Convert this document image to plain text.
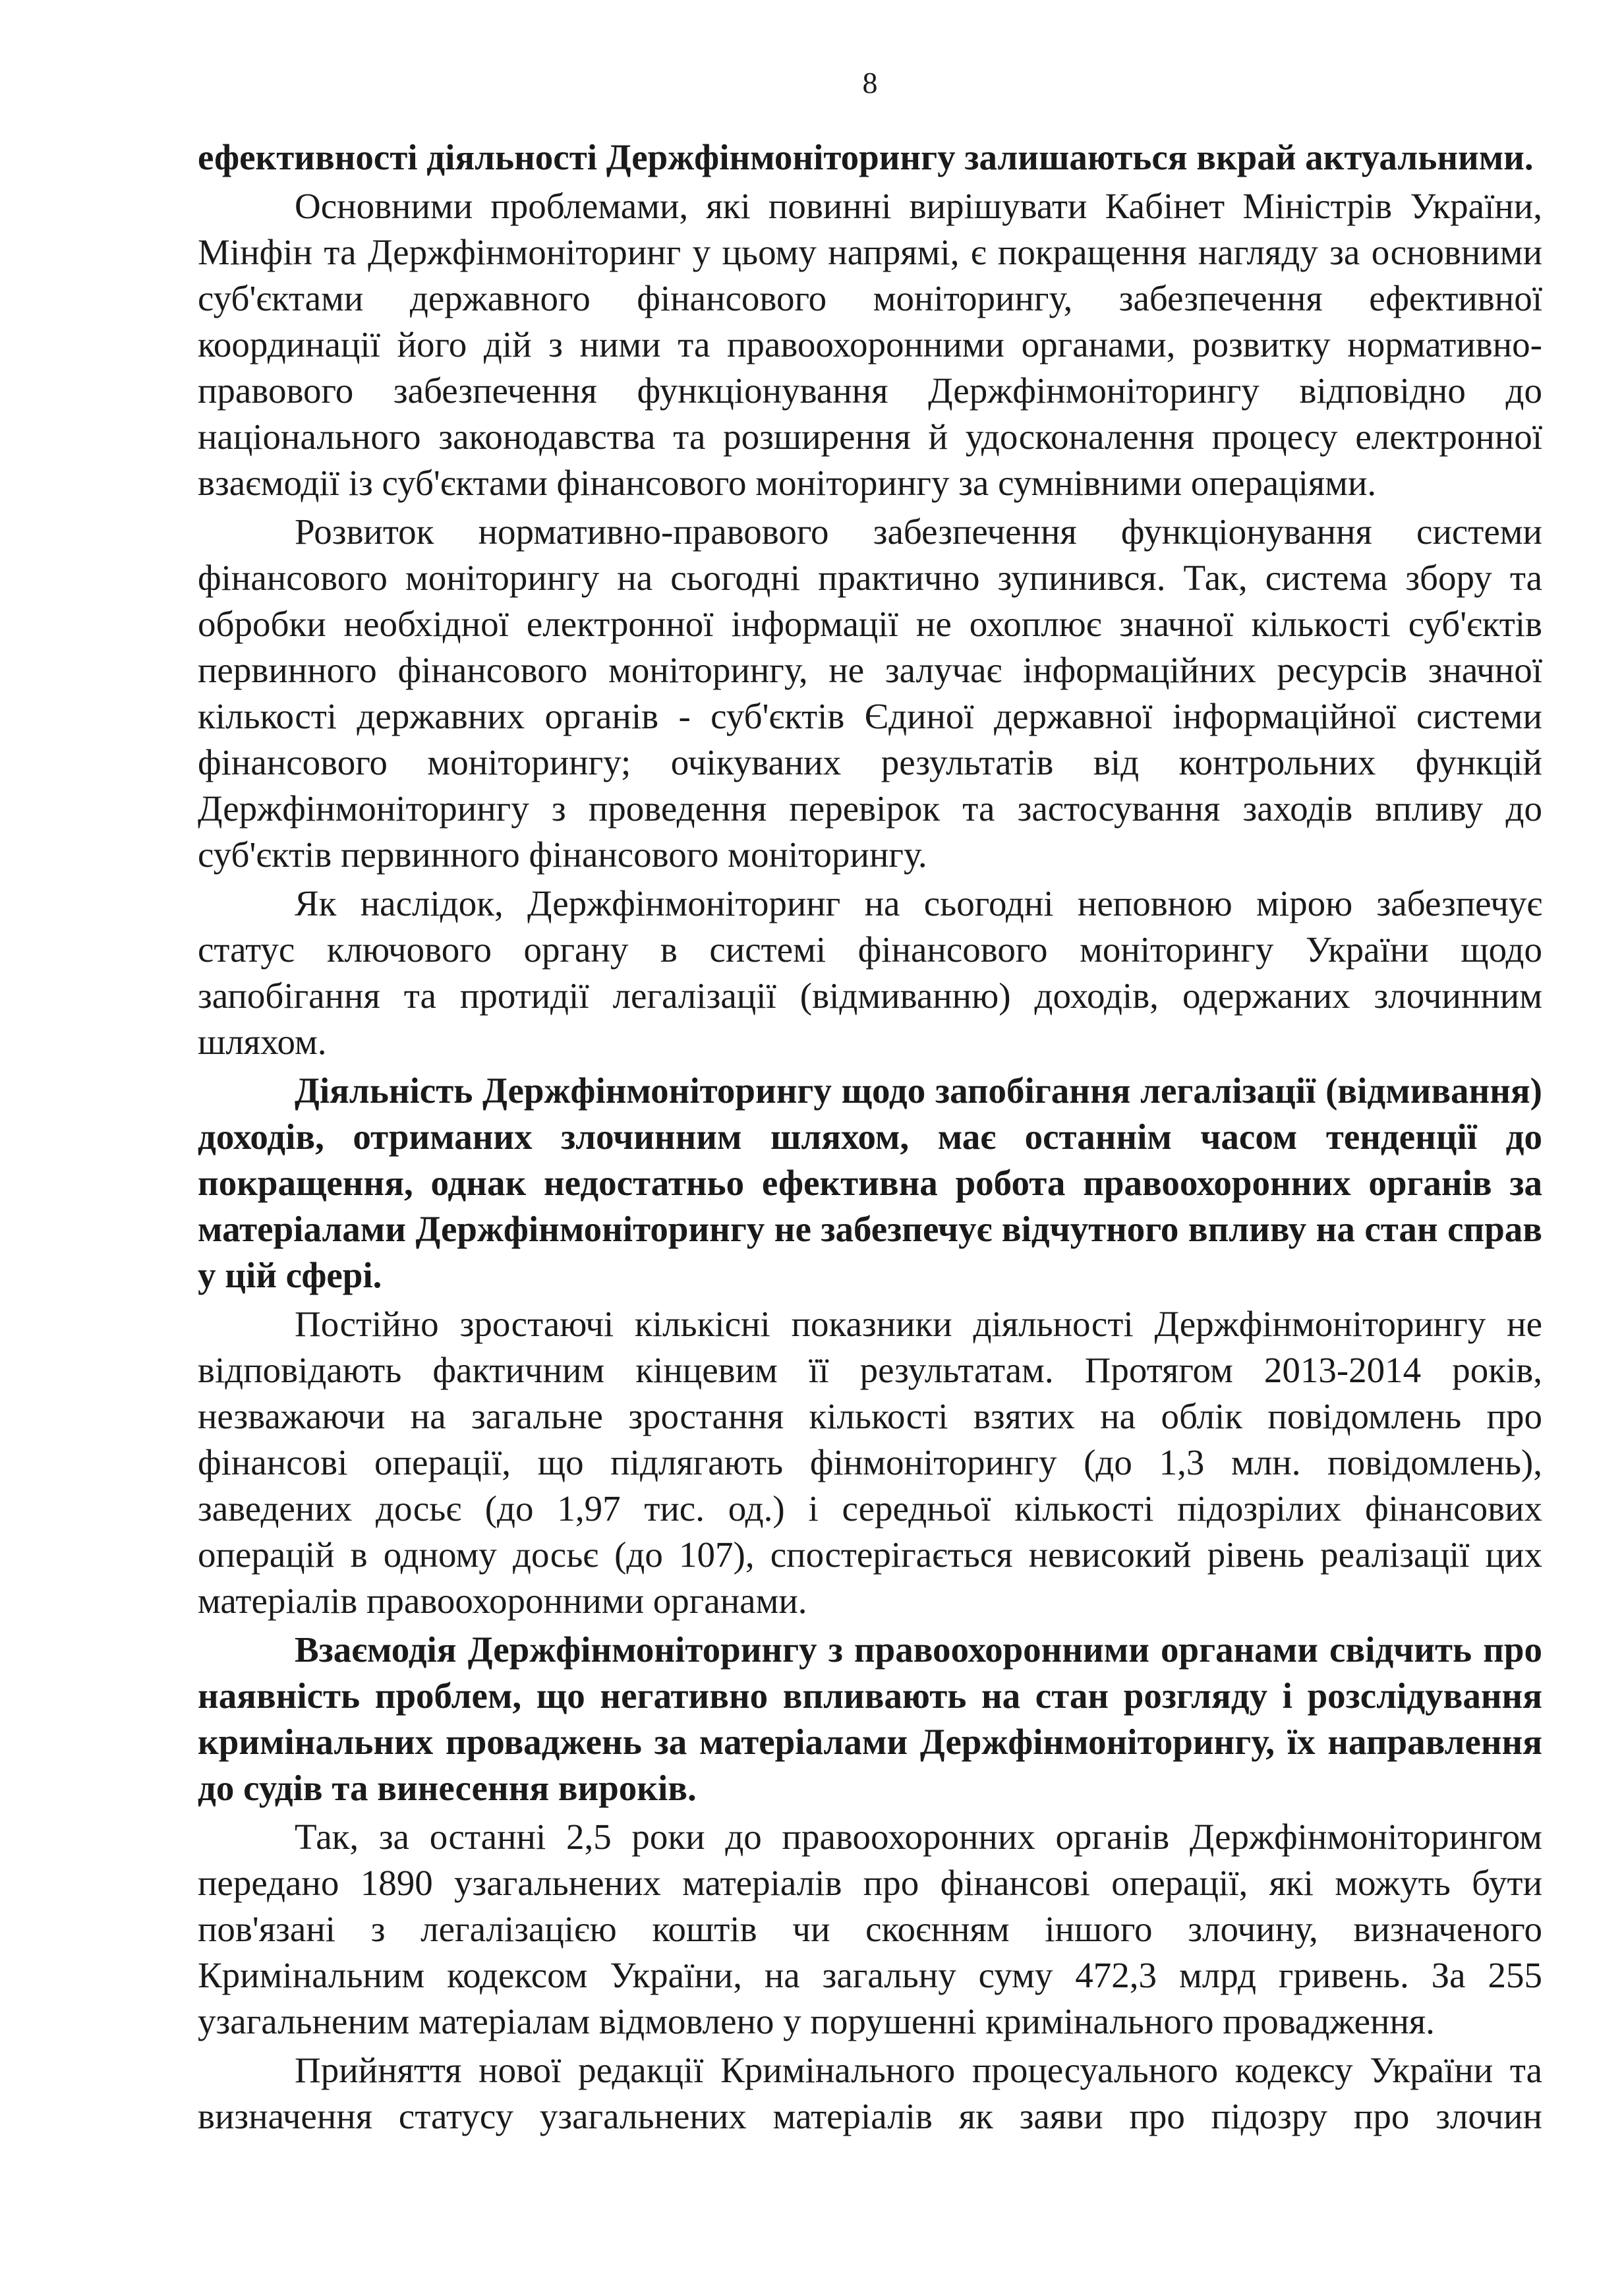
8

ефективності діяльності Держфінмоніторингу залишаються вкрай актуальними.

Основними проблемами, які повинні вирішувати Кабінет Міністрів України, Мінфін та Держфінмоніторинг у цьому напрямі, є покращення нагляду за основними суб'єктами державного фінансового моніторингу, забезпечення ефективної координації його дій з ними та правоохоронними органами, розвитку нормативно-правового забезпечення функціонування Держфінмоніторингу відповідно до національного законодавства та розширення й удосконалення процесу електронної взаємодії із суб'єктами фінансового моніторингу за сумнівними операціями.

Розвиток нормативно-правового забезпечення функціонування системи фінансового моніторингу на сьогодні практично зупинився. Так, система збору та обробки необхідної електронної інформації не охоплює значної кількості суб'єктів первинного фінансового моніторингу, не залучає інформаційних ресурсів значної кількості державних органів - суб'єктів Єдиної державної інформаційної системи фінансового моніторингу; очікуваних результатів від контрольних функцій Держфінмоніторингу з проведення перевірок та застосування заходів впливу до суб'єктів первинного фінансового моніторингу.

Як наслідок, Держфінмоніторинг на сьогодні неповною мірою забезпечує статус ключового органу в системі фінансового моніторингу України щодо запобігання та протидії легалізації (відмиванню) доходів, одержаних злочинним шляхом.

Діяльність Держфінмоніторингу щодо запобігання легалізації (відмивання) доходів, отриманих злочинним шляхом, має останнім часом тенденції до покращення, однак недостатньо ефективна робота правоохоронних органів за матеріалами Держфінмоніторингу не забезпечує відчутного впливу на стан справ у цій сфері.

Постійно зростаючі кількісні показники діяльності Держфінмоніторингу не відповідають фактичним кінцевим її результатам. Протягом 2013-2014 років, незважаючи на загальне зростання кількості взятих на облік повідомлень про фінансові операції, що підлягають фінмоніторингу (до 1,3 млн. повідомлень), заведених досьє (до 1,97 тис. од.) і середньої кількості підозрілих фінансових операцій в одному досьє (до 107), спостерігається невисокий рівень реалізації цих матеріалів правоохоронними органами.

Взаємодія Держфінмоніторингу з правоохоронними органами свідчить про наявність проблем, що негативно впливають на стан розгляду і розслідування кримінальних проваджень за матеріалами Держфінмоніторингу, їх направлення до судів та винесення вироків.

Так, за останні 2,5 роки до правоохоронних органів Держфінмоніторингом передано 1890 узагальнених матеріалів про фінансові операції, які можуть бути пов'язані з легалізацією коштів чи скоєнням іншого злочину, визначеного Кримінальним кодексом України, на загальну суму 472,3 млрд гривень. За 255 узагальненим матеріалам відмовлено у порушенні кримінального провадження.

Прийняття нової редакції Кримінального процесуального кодексу України та визначення статусу узагальнених матеріалів як заяви про підозру про злочин
